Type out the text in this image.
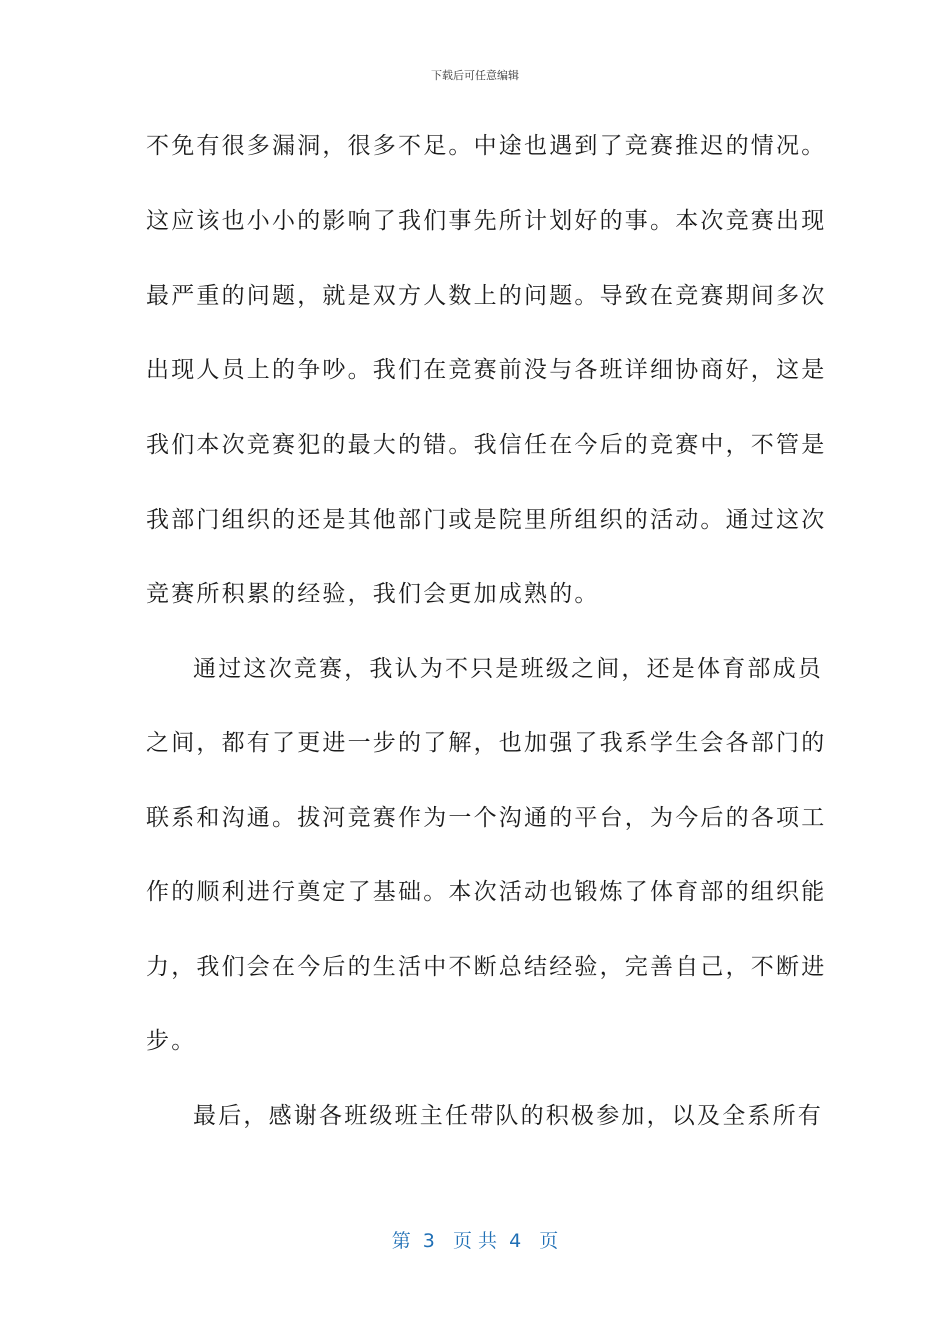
下载后可任意编辑
不免有很多漏洞，很多不足。中途也遇到了竞赛推迟的情况。
这应该也小小的影响了我们事先所计划好的事。本次竞赛出现
最严重的问题，就是双方人数上的问题。导致在竞赛期间多次
出现人员上的争吵。我们在竞赛前没与各班详细协商好，这是
我们本次竞赛犯的最大的错。我信任在今后的竞赛中，不管是
我部门组织的还是其他部门或是院里所组织的活动。通过这次
竞赛所积累的经验，我们会更加成熟的。
通过这次竞赛，我认为不只是班级之间，还是体育部成员
之间，都有了更进一步的了解，也加强了我系学生会各部门的
联系和沟通。拔河竞赛作为一个沟通的平台，为今后的各项工
作的顺利进行奠定了基础。本次活动也锻炼了体育部的组织能
力，我们会在今后的生活中不断总结经验，完善自己，不断进
步。
最后，感谢各班级班主任带队的积极参加，以及全系所有
第  3   页 共  4   页
